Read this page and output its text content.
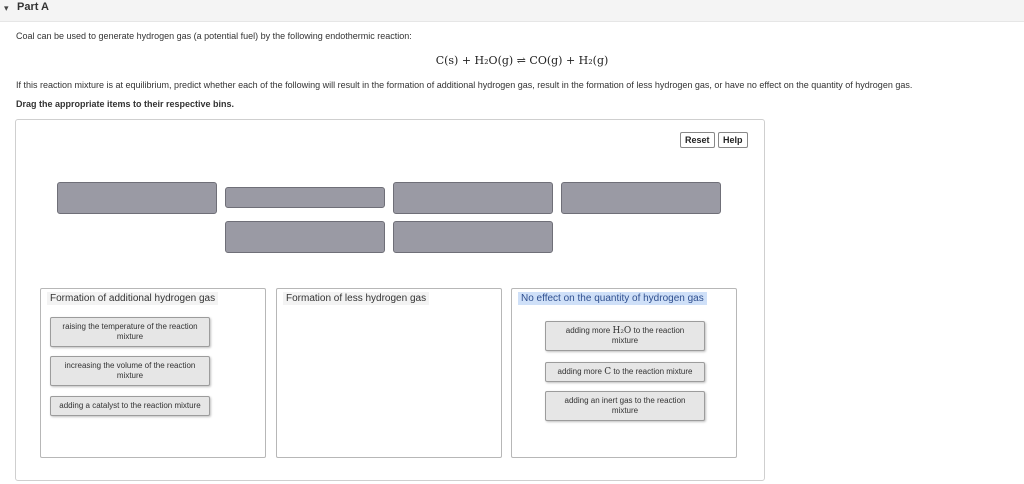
▾ Part A
Coal can be used to generate hydrogen gas (a potential fuel) by the following endothermic reaction:
C(s) + H₂O(g) ⇌ CO(g) + H₂(g)
If this reaction mixture is at equilibrium, predict whether each of the following will result in the formation of additional hydrogen gas, result in the formation of less hydrogen gas, or have no effect on the quantity of hydrogen gas.
Drag the appropriate items to their respective bins.
Reset	Help
Formation of additional hydrogen gas
raising the temperature of the reaction mixture
increasing the volume of the reaction mixture
adding a catalyst to the reaction mixture
Formation of less hydrogen gas	No effect on the quantity of hydrogen gas
adding more H₂O to the reaction mixture
adding more C to the reaction mixture
adding an inert gas to the reaction mixture
